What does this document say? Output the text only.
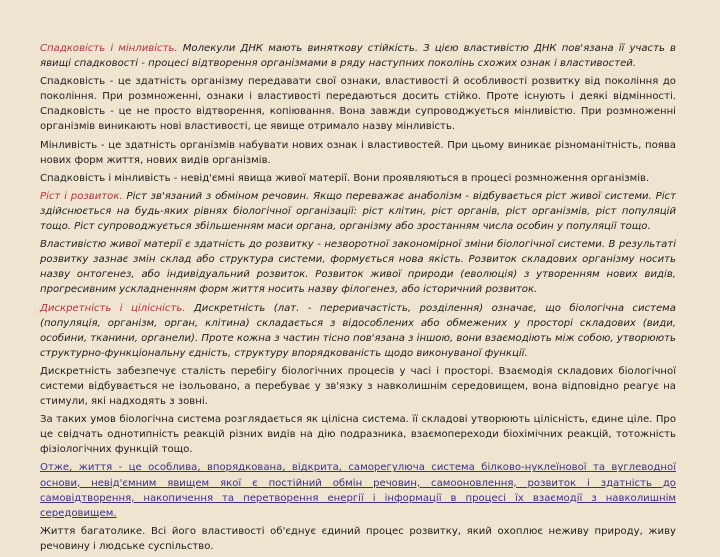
Спадковість і мінливість. Молекули ДНК мають виняткову стійкість. З цією властивістю ДНК пов'язана її участь в явищі спадковості - процесі відтворення організмами в ряду наступних поколінь схожих ознак і властивостей.

Спадковість - це здатність організму передавати свої ознаки, властивості й особливості розвитку від покоління до покоління. При розмноженні, ознаки і властивості передаються досить стійко. Проте існують і деякі відмінності. Спадковість - це не просто відтворення, копіювання. Вона завжди супроводжується мінливістю. При розмноженні організмів виникають нові властивості, це явище отримало назву мінливість.

Мінливість - це здатність організмів набувати нових ознак і властивостей. При цьому виникає різноманітність, поява нових форм життя, нових видів організмів.

Спадковість і мінливість - невід'ємні явища живої матерії. Вони проявляються в процесі розмноження організмів.

Ріст і розвиток. Ріст зв'язаний з обміном речовин. Якщо переважає анаболізм - відбувається ріст живої системи. Ріст здійснюється на будь-яких рівнях біологічної організації: ріст клітин, ріст органів, ріст організмів, ріст популяцій тощо. Ріст супроводжується збільшенням маси органа, організму або зростанням числа особин у популяції тощо.

Властивістю живої матерії є здатність до розвитку - незворотної закономірної зміни біологічної системи. В результаті розвитку зазнає змін склад або структура системи, формується нова якість. Розвиток складових організму носить назву онтогенез, або індивідуальний розвиток. Розвиток живої природи (еволюція) з утворенням нових видів, прогресивним ускладненням форм життя носить назву філогенез, або історичний розвиток.

Дискретність і цілісність. Дискретність (лат. - переривчастість, розділення) означає, що біологічна система (популяція, організм, орган, клітина) складається з відособлених або обмежених у просторі складових (види, особини, тканини, органели). Проте кожна з частин тісно пов'язана з іншою, вони взаємодіють між собою, утворюють структурно-функціональну єдність, структуру впорядкованість щодо виконуваної функції.

Дискретність забезпечує сталість перебігу біологічних процесів у часі і просторі. Взаємодія складових біологічної системи відбувається не ізольовано, а перебуває у зв'язку з навколишнім середовищем, вона відповідно реагує на стимули, які надходять з зовні.

За таких умов біологічна система розглядається як цілісна система. її складові утворюють цілісність, єдине ціле. Про це свідчать однотипність реакцій різних видів на дію подразника, взаємопереходи біохімічних реакцій, тотожність фізіологічних функцій тощо.

Отже, життя - це особлива, впорядкована, відкрита, саморегулюча система білково-нуклеїнової та вуглеводної основи, невід'ємним явищем якої є постійний обмін речовин, самооновлення, розвиток і здатність до самовідтворення, накопичення та перетворення енергії і інформації в процесі їх взаємодії з навколишнім середовищем.

Життя багатолике. Всі його властивості об'єднує єдиний процес розвитку, який охоплює неживу природу, живу речовину і людське суспільство.
